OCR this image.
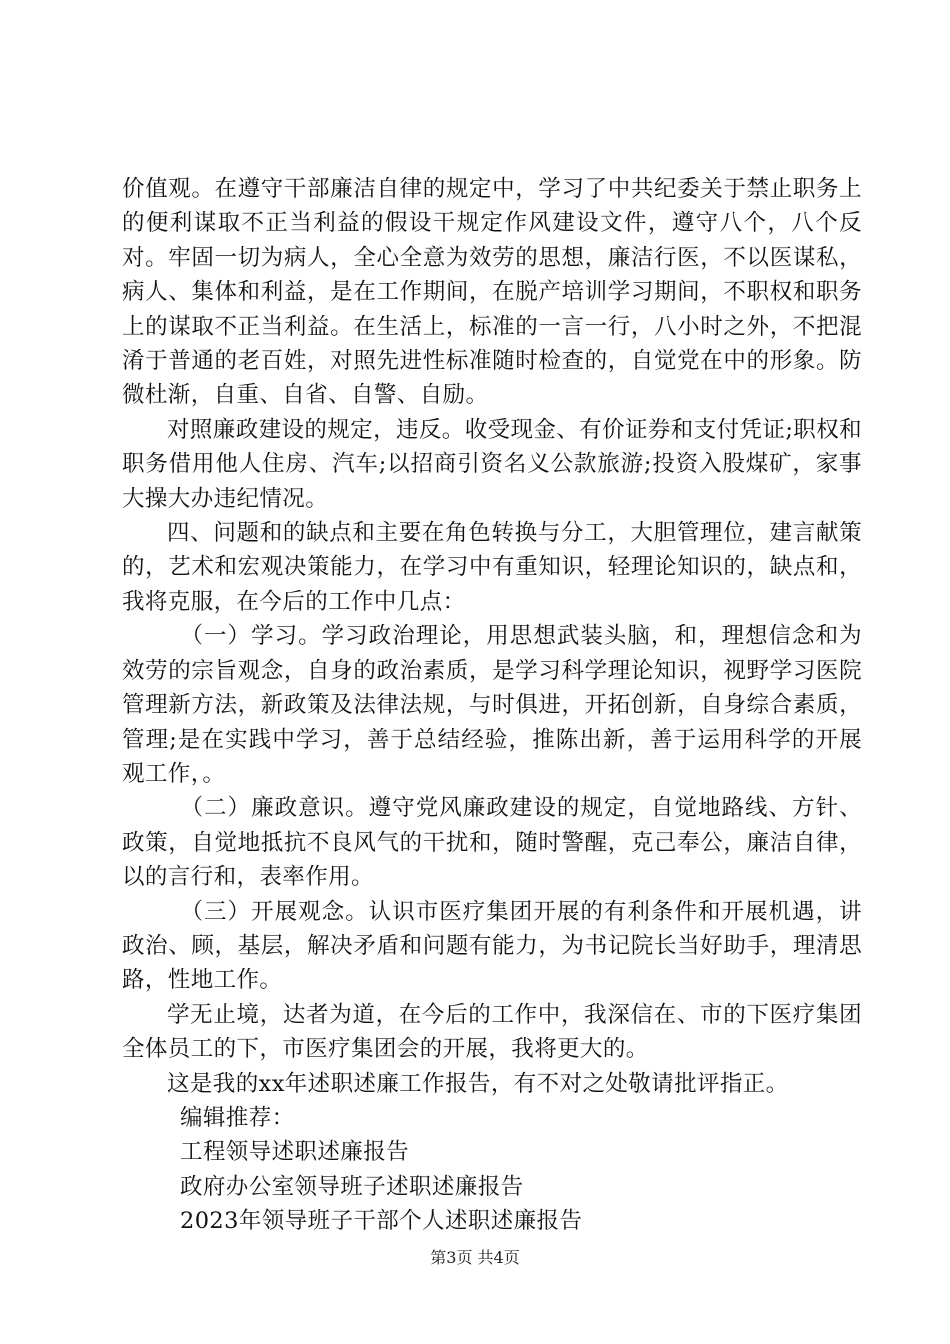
价值观。在遵守干部廉洁自律的规定中，学习了中共纪委关于禁止职务上的便利谋取不正当利益的假设干规定作风建设文件，遵守八个，八个反对。牢固一切为病人，全心全意为效劳的思想，廉洁行医，不以医谋私，病人、集体和利益，是在工作期间，在脱产培训学习期间，不职权和职务上的谋取不正当利益。在生活上，标准的一言一行，八小时之外，不把混淆于普通的老百姓，对照先进性标准随时检查的，自觉党在中的形象。防微杜渐，自重、自省、自警、自励。

对照廉政建设的规定，违反。收受现金、有价证券和支付凭证;职权和职务借用他人住房、汽车;以招商引资名义公款旅游;投资入股煤矿，家事大操大办违纪情况。

四、问题和的缺点和主要在角色转换与分工，大胆管理位，建言献策的，艺术和宏观决策能力，在学习中有重知识，轻理论知识的，缺点和，我将克服，在今后的工作中几点：

（一）学习。学习政治理论，用思想武装头脑，和，理想信念和为效劳的宗旨观念，自身的政治素质，是学习科学理论知识，视野学习医院管理新方法，新政策及法律法规，与时俱进，开拓创新，自身综合素质，管理;是在实践中学习，善于总结经验，推陈出新，善于运用科学的开展观工作，。

（二）廉政意识。遵守党风廉政建设的规定，自觉地路线、方针、政策，自觉地抵抗不良风气的干扰和，随时警醒，克己奉公，廉洁自律，以的言行和，表率作用。

（三）开展观念。认识市医疗集团开展的有利条件和开展机遇，讲政治、顾，基层，解决矛盾和问题有能力，为书记院长当好助手，理清思路，性地工作。

学无止境，达者为道，在今后的工作中，我深信在、市的下医疗集团全体员工的下，市医疗集团会的开展，我将更大的。

这是我的xx年述职述廉工作报告，有不对之处敬请批评指正。

编辑推荐：

工程领导述职述廉报告

政府办公室领导班子述职述廉报告

2023年领导班子干部个人述职述廉报告

第3页 共4页
